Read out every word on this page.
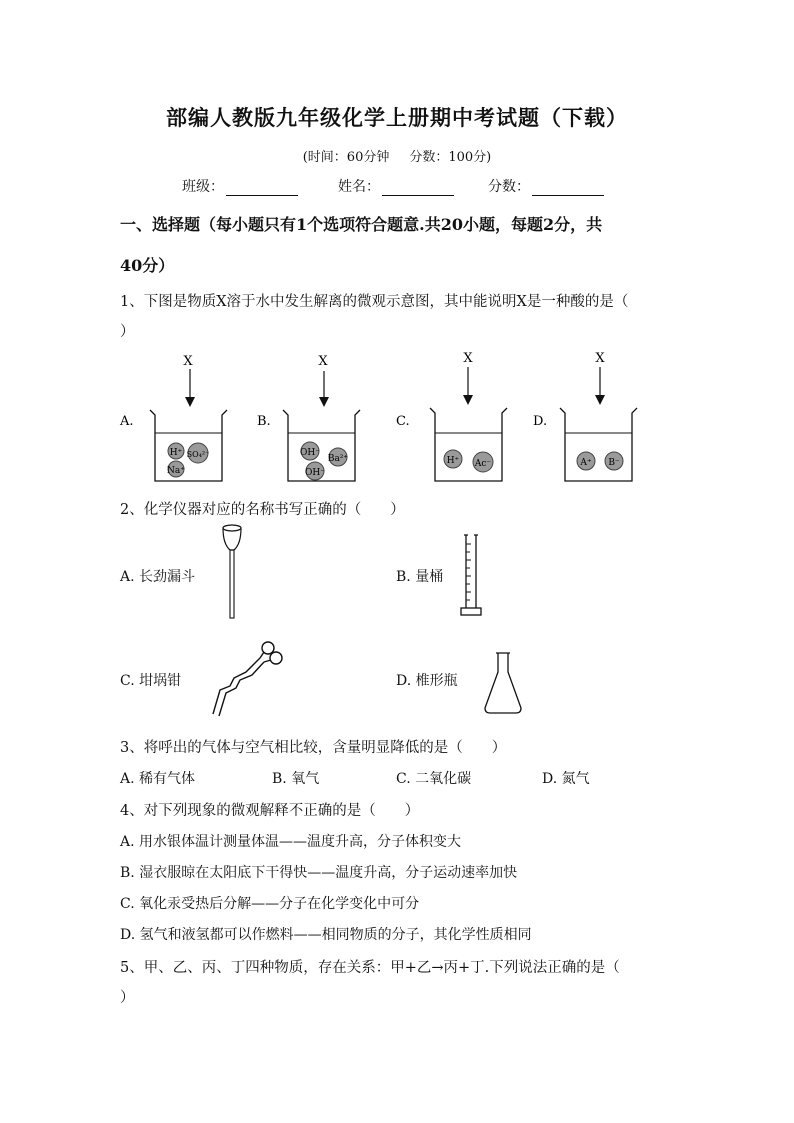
部编人教版九年级化学上册期中考试题（下载）
(时间：60分钟 分数：100分)
班级：	姓名：	分数：
一、选择题（每小题只有1个选项符合题意.共20小题，每题2分，共
40分）
1、下图是物质X溶于水中发生解离的微观示意图，其中能说明X是一种酸的是（
）
A.
X
H⁺ SO₄²⁻
Na⁺
B.
X
OH⁻
Ba²⁺
OH⁻
C.
X
H⁺ Ac⁻
D.
X
A⁺ B⁻
2、化学仪器对应的名称书写正确的（　　）
A. 长劲漏斗	B. 量桶
C. 坩埚钳	D. 椎形瓶
3、将呼出的气体与空气相比较，含量明显降低的是（　　）
A. 稀有气体	B. 氧气	C. 二氧化碳	D. 氮气
4、对下列现象的微观解释不正确的是（　　）
A. 用水银体温计测量体温——温度升高，分子体积变大
B. 湿衣服晾在太阳底下干得快——温度升高，分子运动速率加快
C. 氧化汞受热后分解——分子在化学变化中可分
D. 氢气和液氢都可以作燃料——相同物质的分子，其化学性质相同
5、甲、乙、丙、丁四种物质，存在关系：甲+乙→丙+丁.下列说法正确的是（
）
